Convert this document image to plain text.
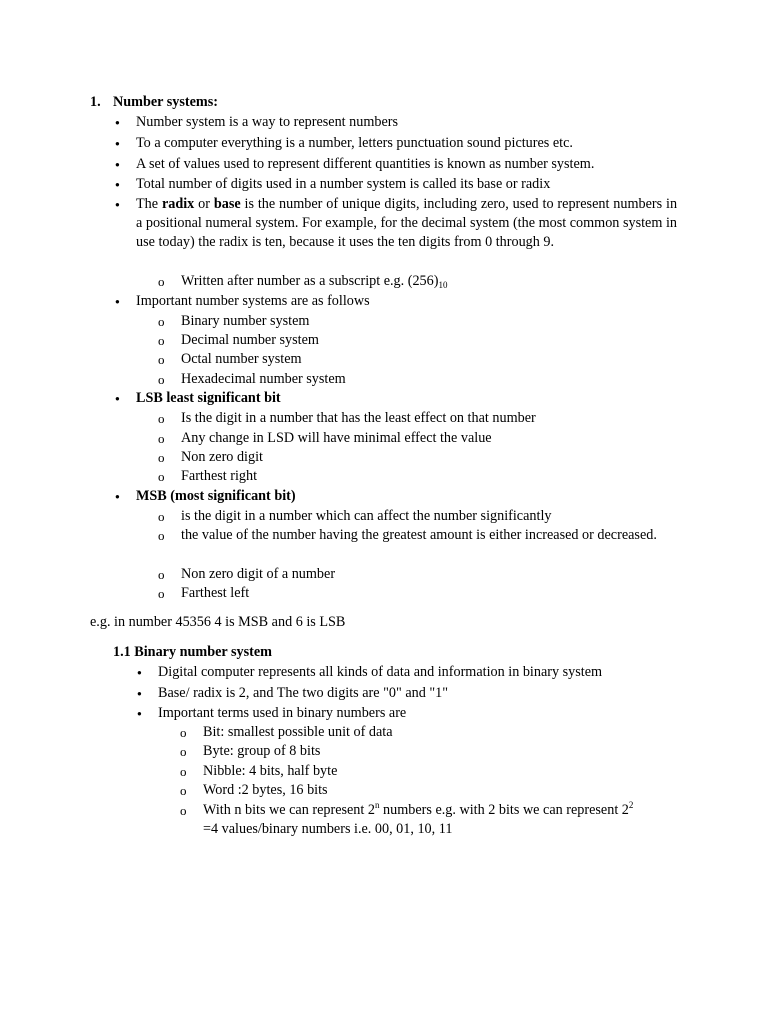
1. Number systems:
●
Number system is a way to represent numbers
●
To a computer everything is a number, letters punctuation sound pictures etc.
●
A set of values used to represent different quantities is known as number system.
●
Total number of digits used in a number system is called its base or radix
●
The radix or base is the number of unique digits, including zero, used to represent numbers in a positional numeral system. For example, for the decimal system (the most common system in use today) the radix is ten, because it uses the ten digits from 0 through 9.
o Written after number as a subscript e.g. $(256)_{10}$
●
Important number systems are as follows
o Binary number system
o Decimal number system
o Octal number system
o Hexadecimal number system
●
LSB least significant bit
o Is the digit in a number that has the least effect on that number
o Any change in LSD will have minimal effect the value
o Non zero digit
o Farthest right
●
MSB (most significant bit)
o is the digit in a number which can affect the number significantly
o the value of the number having the greatest amount is either increased or decreased.
o Non zero digit of a number
o Farthest left
e.g. in number 45356 4 is MSB and 6 is LSB
1.1 Binary number system
●
Digital computer represents all kinds of data and information in binary system
●
Base/ radix is 2, and The two digits are "0" and "1"
●
Important terms used in binary numbers are
o Bit: smallest possible unit of data
o Byte: group of 8 bits
o Nibble: 4 bits, half byte
o Word :2 bytes, 16 bits
o With n bits we can represent 2$^n$ numbers e.g. with 2 bits we can represent $2^2$
=4 values/binary numbers i.e. 00, 01, 10, 11
